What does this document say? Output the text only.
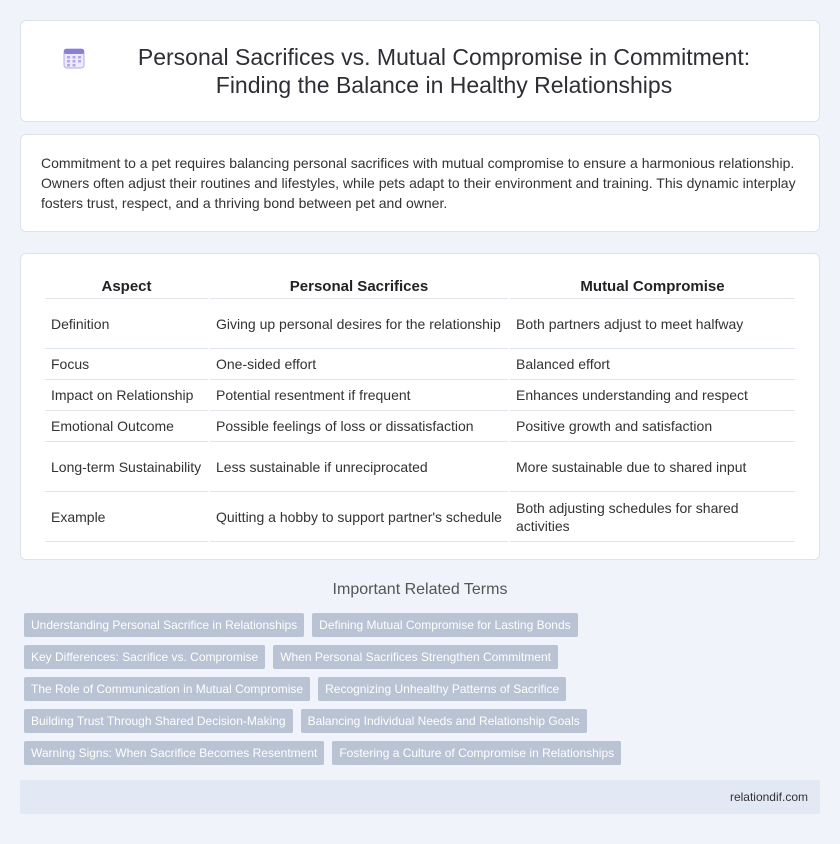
Personal Sacrifices vs. Mutual Compromise in Commitment: Finding the Balance in Healthy Relationships

Commitment to a pet requires balancing personal sacrifices with mutual compromise to ensure a harmonious relationship. Owners often adjust their routines and lifestyles, while pets adapt to their environment and training. This dynamic interplay fosters trust, respect, and a thriving bond between pet and owner.

Aspect	Personal Sacrifices	Mutual Compromise
Definition	Giving up personal desires for the relationship	Both partners adjust to meet halfway
Focus	One-sided effort	Balanced effort
Impact on Relationship	Potential resentment if frequent	Enhances understanding and respect
Emotional Outcome	Possible feelings of loss or dissatisfaction	Positive growth and satisfaction
Long-term Sustainability	Less sustainable if unreciprocated	More sustainable due to shared input
Example	Quitting a hobby to support partner's schedule	Both adjusting schedules for shared activities
Important Related Terms
Understanding Personal Sacrifice in Relationships	Defining Mutual Compromise for Lasting Bonds
Key Differences: Sacrifice vs. Compromise	When Personal Sacrifices Strengthen Commitment
The Role of Communication in Mutual Compromise	Recognizing Unhealthy Patterns of Sacrifice
Building Trust Through Shared Decision-Making	Balancing Individual Needs and Relationship Goals
Warning Signs: When Sacrifice Becomes Resentment	Fostering a Culture of Compromise in Relationships
relationdif.com
